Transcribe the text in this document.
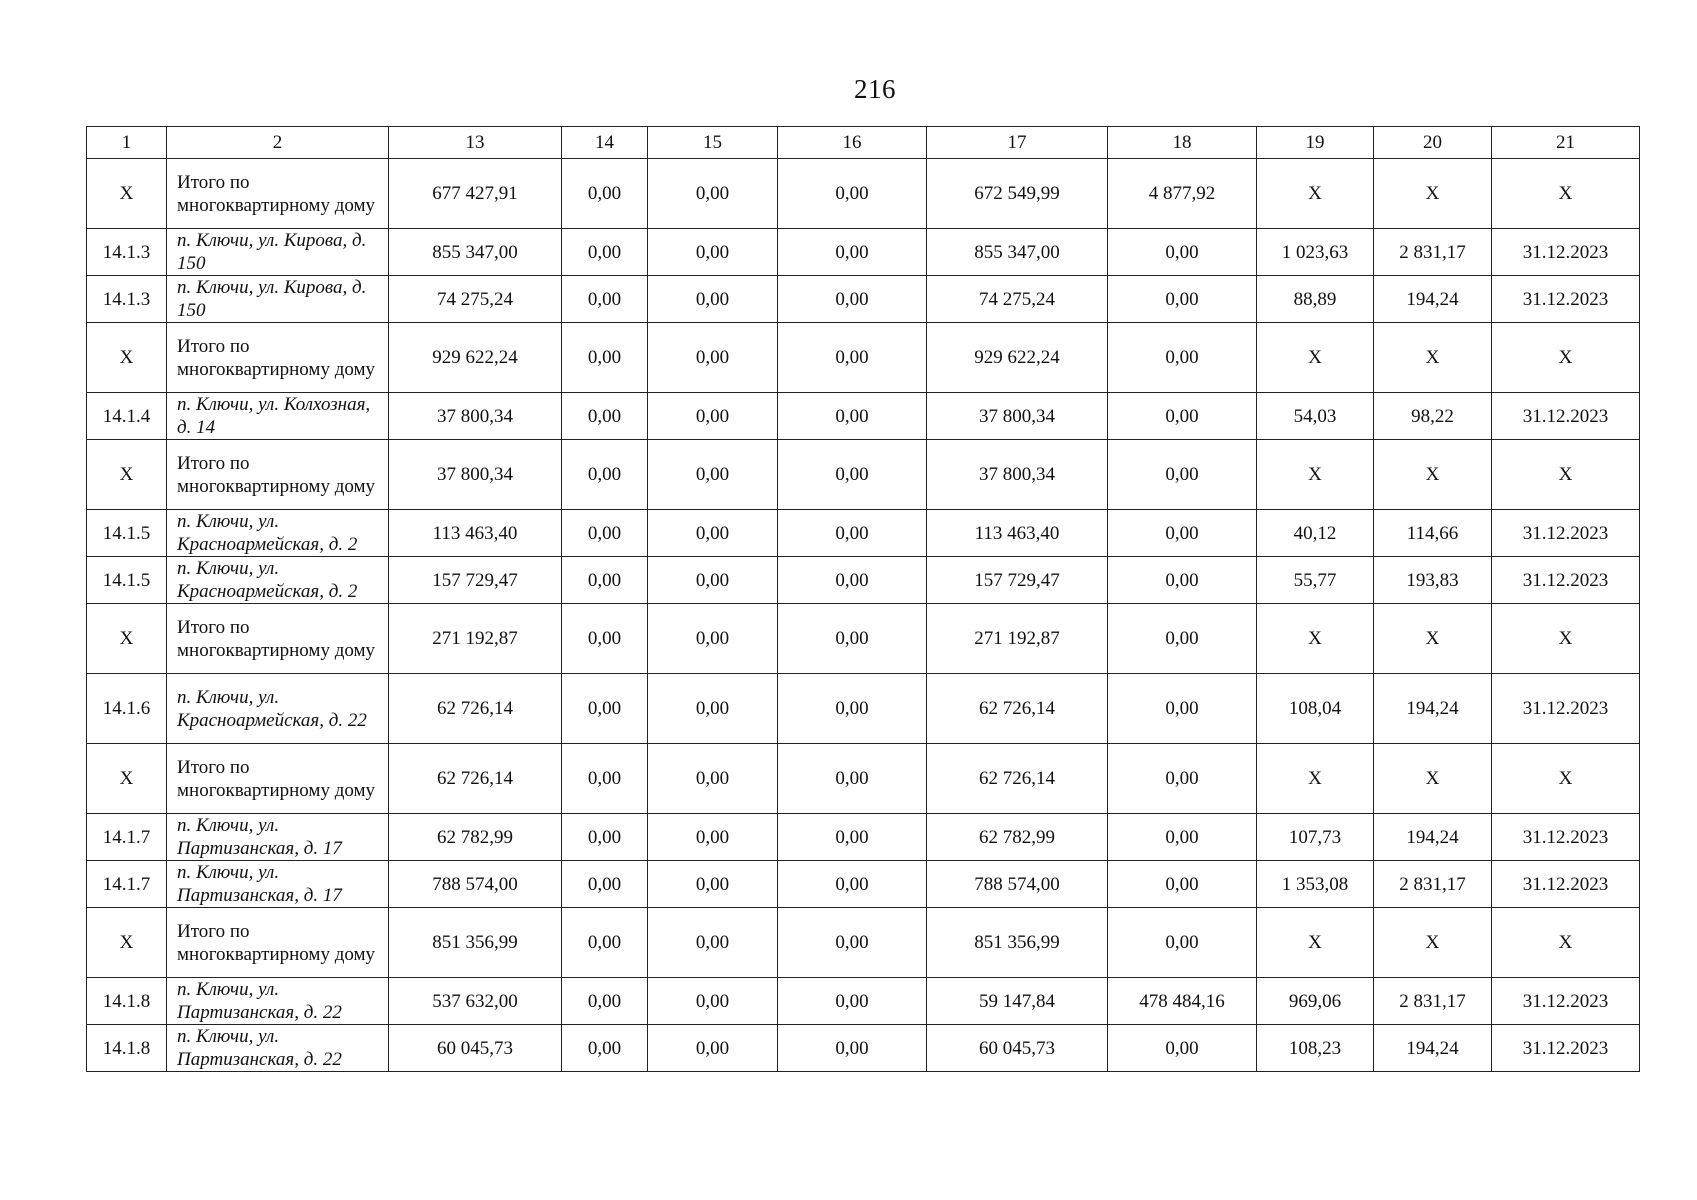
216
1	2	13	14	15	16	17	18	19	20	21
X	Итого по многоквартирному дому	677 427,91	0,00	0,00	0,00	672 549,99	4 877,92	X	X	X
14.1.3	п. Ключи, ул. Кирова, д. 150	855 347,00	0,00	0,00	0,00	855 347,00	0,00	1 023,63	2 831,17	31.12.2023
14.1.3	п. Ключи, ул. Кирова, д. 150	74 275,24	0,00	0,00	0,00	74 275,24	0,00	88,89	194,24	31.12.2023
X	Итого по многоквартирному дому	929 622,24	0,00	0,00	0,00	929 622,24	0,00	X	X	X
14.1.4	п. Ключи, ул. Колхозная, д. 14	37 800,34	0,00	0,00	0,00	37 800,34	0,00	54,03	98,22	31.12.2023
X	Итого по многоквартирному дому	37 800,34	0,00	0,00	0,00	37 800,34	0,00	X	X	X
14.1.5	п. Ключи, ул. Красноармейская, д. 2	113 463,40	0,00	0,00	0,00	113 463,40	0,00	40,12	114,66	31.12.2023
14.1.5	п. Ключи, ул. Красноармейская, д. 2	157 729,47	0,00	0,00	0,00	157 729,47	0,00	55,77	193,83	31.12.2023
X	Итого по многоквартирному дому	271 192,87	0,00	0,00	0,00	271 192,87	0,00	X	X	X
14.1.6	п. Ключи, ул. Красноармейская, д. 22	62 726,14	0,00	0,00	0,00	62 726,14	0,00	108,04	194,24	31.12.2023
X	Итого по многоквартирному дому	62 726,14	0,00	0,00	0,00	62 726,14	0,00	X	X	X
14.1.7	п. Ключи, ул. Партизанская, д. 17	62 782,99	0,00	0,00	0,00	62 782,99	0,00	107,73	194,24	31.12.2023
14.1.7	п. Ключи, ул. Партизанская, д. 17	788 574,00	0,00	0,00	0,00	788 574,00	0,00	1 353,08	2 831,17	31.12.2023
X	Итого по многоквартирному дому	851 356,99	0,00	0,00	0,00	851 356,99	0,00	X	X	X
14.1.8	п. Ключи, ул. Партизанская, д. 22	537 632,00	0,00	0,00	0,00	59 147,84	478 484,16	969,06	2 831,17	31.12.2023
14.1.8	п. Ключи, ул. Партизанская, д. 22	60 045,73	0,00	0,00	0,00	60 045,73	0,00	108,23	194,24	31.12.2023
